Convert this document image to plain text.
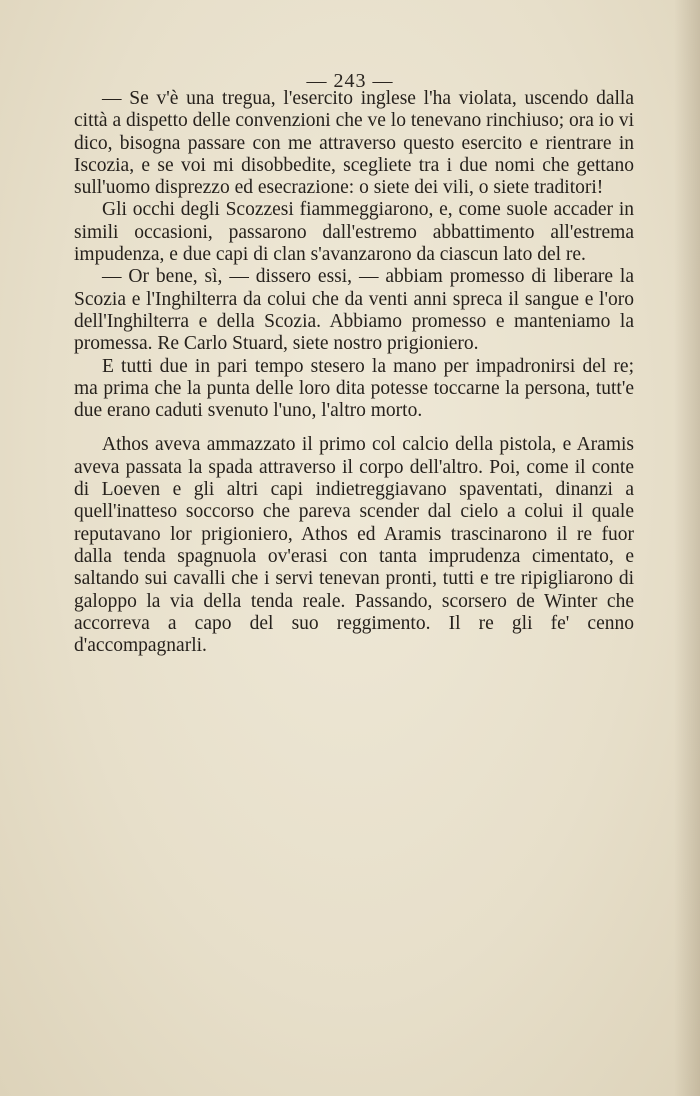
— 243 —

— Se v'è una tregua, l'esercito inglese l'ha violata, uscendo dalla città a dispetto delle convenzioni che ve lo tenevano rinchiuso; ora io vi dico, bisogna passare con me attraverso questo esercito e rientrare in Iscozia, e se voi mi disobbedite, scegliete tra i due nomi che gettano sull'uomo disprezzo ed esecrazione: o siete dei vili, o siete traditori!

Gli occhi degli Scozzesi fiammeggiarono, e, come suole accader in simili occasioni, passarono dall'estremo abbattimento all'estrema impudenza, e due capi di clan s'avanzarono da ciascun lato del re.

— Or bene, sì, — dissero essi, — abbiam promesso di liberare la Scozia e l'Inghilterra da colui che da venti anni spreca il sangue e l'oro dell'Inghilterra e della Scozia. Abbiamo promesso e manteniamo la promessa. Re Carlo Stuard, siete nostro prigioniero.

E tutti due in pari tempo stesero la mano per impadronirsi del re; ma prima che la punta delle loro dita potesse toccarne la persona, tutt'e due erano caduti svenuto l'uno, l'altro morto.

Athos aveva ammazzato il primo col calcio della pistola, e Aramis aveva passata la spada attraverso il corpo dell'altro. Poi, come il conte di Loeven e gli altri capi indietreggiavano spaventati, dinanzi a quell'inatteso soccorso che pareva scender dal cielo a colui il quale reputavano lor prigioniero, Athos ed Aramis trascinarono il re fuor dalla tenda spagnuola ov'erasi con tanta imprudenza cimentato, e saltando sui cavalli che i servi tenevan pronti, tutti e tre ripigliarono di galoppo la via della tenda reale. Passando, scorsero de Winter che accorreva a capo del suo reggimento. Il re gli fe' cenno d'accompagnarli.
